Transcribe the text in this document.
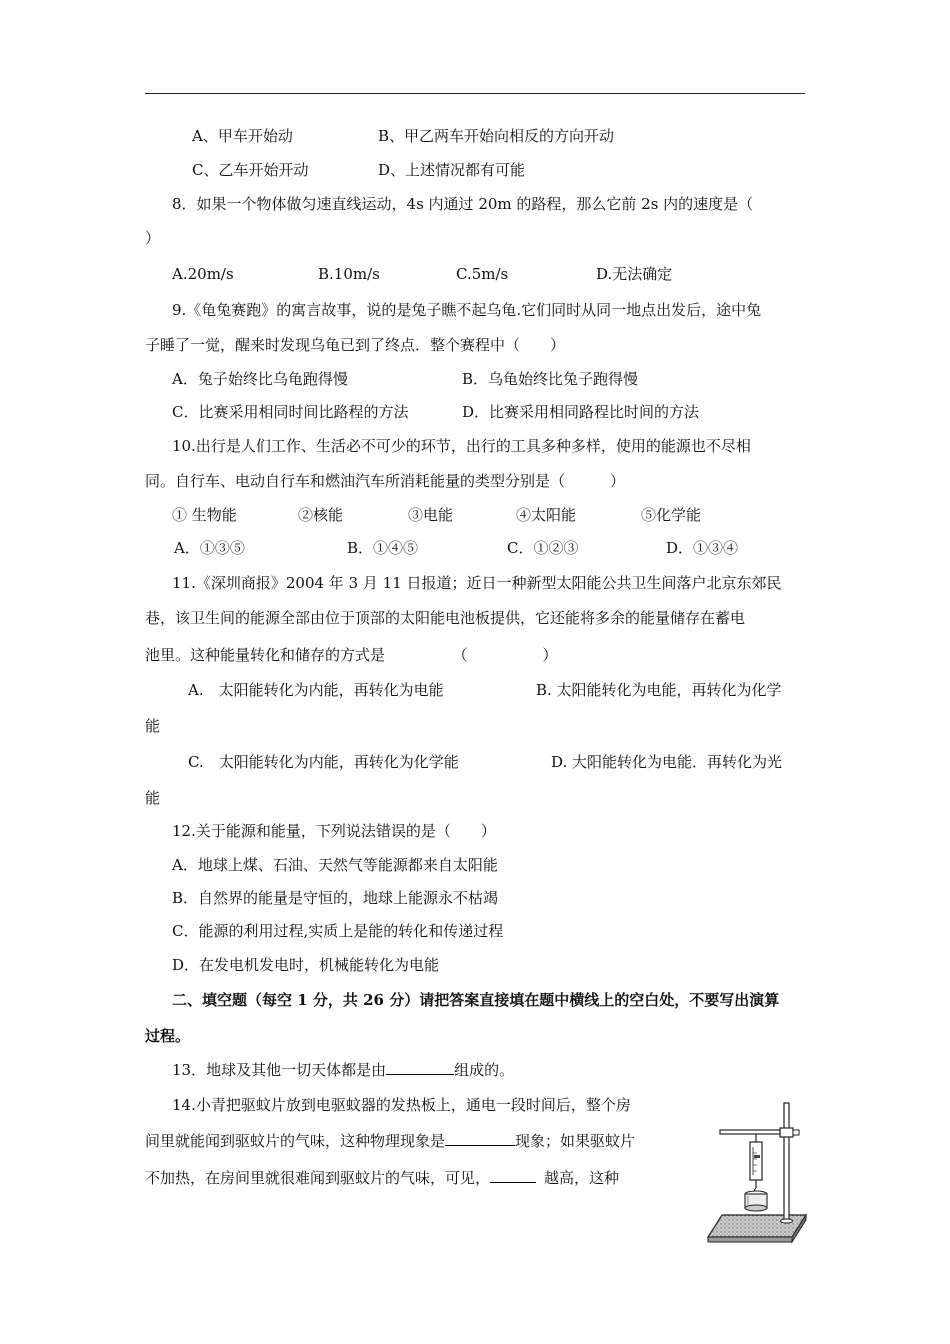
A、甲车开始动	B、甲乙两车开始向相反的方向开动
C、乙车开始开动	D、上述情况都有可能
8．如果一个物体做匀速直线运动，4s 内通过 20m 的路程，那么它前 2s 内的速度是（
）
A.20m/s	B.10m/s	C.5m/s	D.无法确定
9.《龟兔赛跑》的寓言故事，说的是兔子瞧不起乌龟.它们同时从同一地点出发后，途中兔
子睡了一觉，醒来时发现乌龟已到了终点．整个赛程中（　　）
A．兔子始终比乌龟跑得慢	B．乌龟始终比兔子跑得慢
C．比赛采用相同时间比路程的方法	D．比赛采用相同路程比时间的方法
10.出行是人们工作、生活必不可少的环节，出行的工具多种多样，使用的能源也不尽相
同。自行车、电动自行车和燃油汽车所消耗能量的类型分别是（　　　）
① 生物能	②核能	③电能	④太阳能	⑤化学能
A．①③⑤	B．①④⑤	C．①②③	D．①③④
11.《深圳商报》2004 年 3 月 11 日报道；近日一种新型太阳能公共卫生间落户北京东郊民
巷，该卫生间的能源全部由位于顶部的太阳能电池板提供，它还能将多余的能量储存在蓄电
池里。这种能量转化和储存的方式是　　　　　（　　　　　）
A.　太阳能转化为内能，再转化为电能	B. 太阳能转化为电能，再转化为化学
能
C.　太阳能转化为内能，再转化为化学能	D. 大阳能转化为电能．再转化为光
能
12.关于能源和能量，下列说法错误的是（　　）
A．地球上煤、石油、天然气等能源都来自太阳能
B．自然界的能量是守恒的，地球上能源永不枯竭
C．能源的利用过程,实质上是能的转化和传递过程
D．在发电机发电时，机械能转化为电能
二、填空题（每空 1 分，共 26 分）请把答案直接填在题中横线上的空白处，不要写出演算
过程。
13．地球及其他一切天体都是由	组成的。
14.小青把驱蚊片放到电驱蚊器的发热板上，通电一段时间后，整个房
间里就能闻到驱蚊片的气味，这种物理现象是	现象；如果驱蚊片
不加热，在房间里就很难闻到驱蚊片的气味，可见，	越高，这种
